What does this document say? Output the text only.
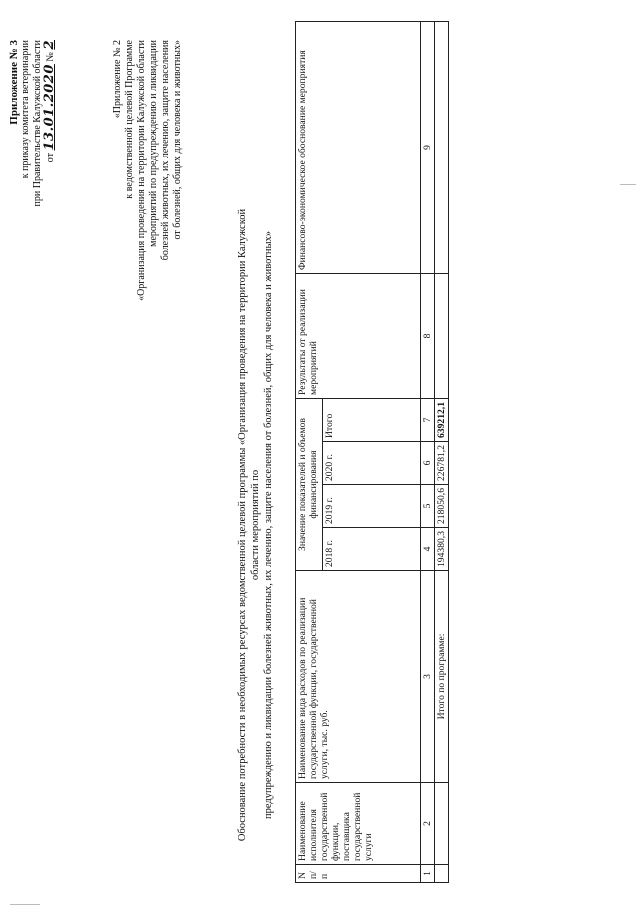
Приложение № 3 к приказу комитета ветеринарии при Правительстве Калужской области от 13.01.2020 № 2	«Приложение № 2 к ведомственной целевой Программе «Организация проведения на территории Калужской области мероприятий по предупреждению и ликвидации болезней животных, их лечению, защите населения от болезней, общих для человека и животных»
Обоснование потребности в необходимых ресурсах ведомственной целевой программы «Организация проведения на территории Калужской области мероприятий по предупреждению и ликвидации болезней животных, их лечению, защите населения от болезней, общих для человека и животных»
N п/п	Наименование исполнителя государственной функции, поставщика государственной услуги	Наименование вида расходов по реализации государственной функции, государственной услуги, тыс. руб.	Значение показателей и объемов финансирования				Результаты от реализации мероприятий	Финансово-экономическое обоснование мероприятия
			2018 г.	2019 г.	2020 г.	Итого		
1	2	3	4	5	6	7	8	9
		Итого по программе:	194380,3	218050,6	226781,2	639212,1		
